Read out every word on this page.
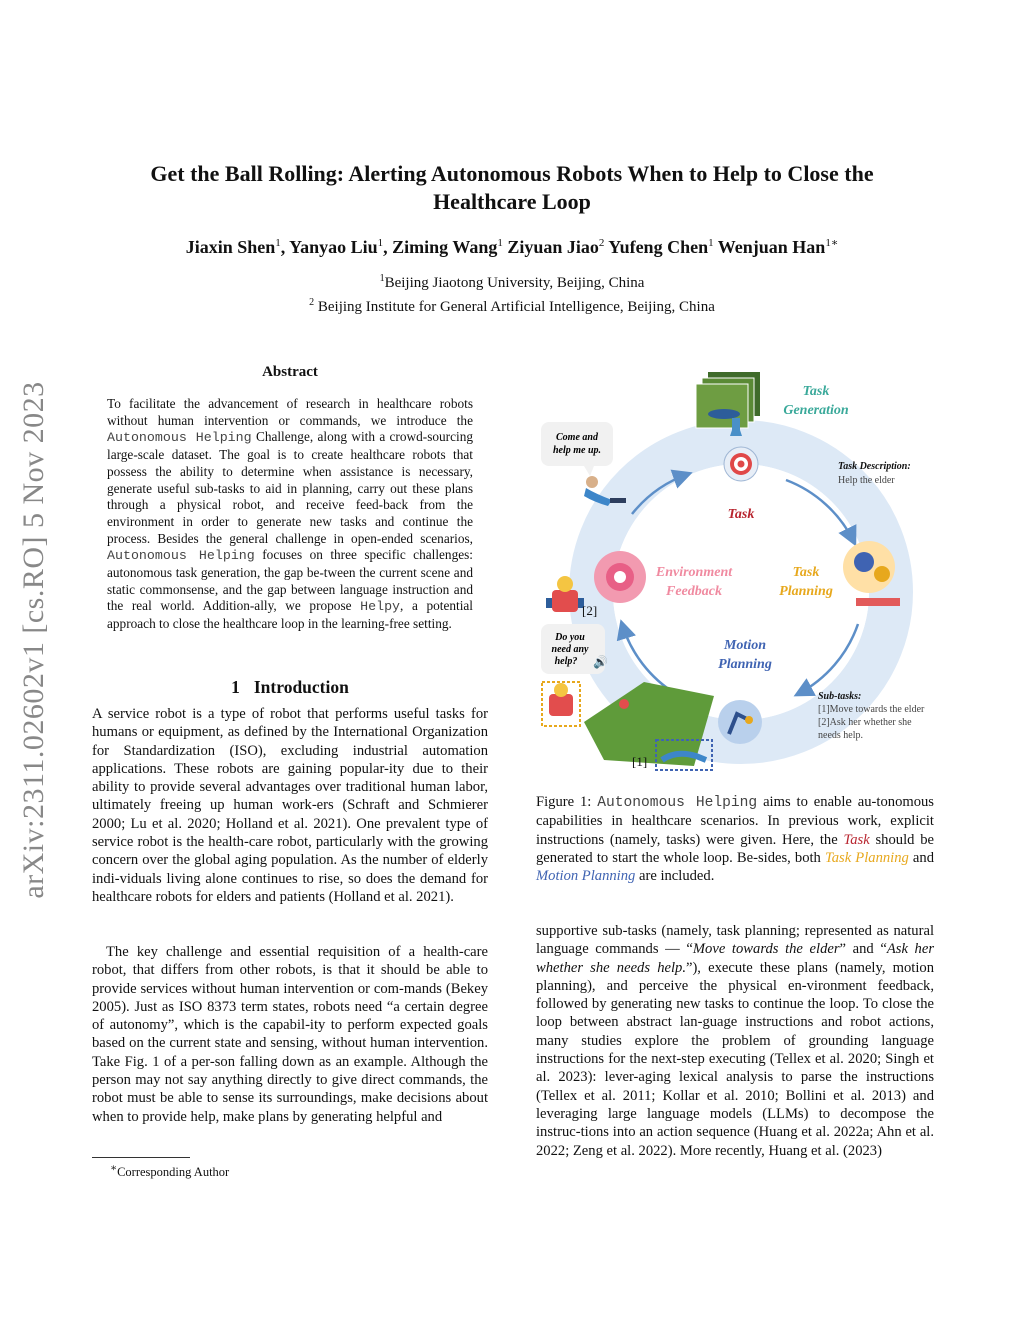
arXiv:2311.02602v1 [cs.RO] 5 Nov 2023
Get the Ball Rolling: Alerting Autonomous Robots When to Help to Close the Healthcare Loop
Jiaxin Shen$^1$, Yanyao Liu$^1$, Ziming Wang$^1$ Ziyuan Jiao$^2$ Yufeng Chen$^1$ Wenjuan Han$^{1∗}$
$^1$Beijing Jiaotong University, Beijing, China
$^2$ Beijing Institute for General Artificial Intelligence, Beijing, China
Abstract
To facilitate the advancement of research in healthcare robots without human intervention or commands, we introduce the Autonomous Helping Challenge, along with a crowd-sourcing large-scale dataset. The goal is to create healthcare robots that possess the ability to determine when assistance is necessary, generate useful sub-tasks to aid in planning, carry out these plans through a physical robot, and receive feed-back from the environment in order to generate new tasks and continue the process. Besides the general challenge in open-ended scenarios, Autonomous Helping focuses on three specific challenges: autonomous task generation, the gap be-tween the current scene and static commonsense, and the gap between language instruction and the real world. Addition-ally, we propose Helpy, a potential approach to close the healthcare loop in the learning-free setting.
1 Introduction
A service robot is a type of robot that performs useful tasks for humans or equipment, as defined by the International Organization for Standardization (ISO), excluding industrial automation applications. These robots are gaining popular-ity due to their ability to provide several advantages over traditional human labor, ultimately freeing up human work-ers (Schraft and Schmierer 2000; Lu et al. 2020; Holland et al. 2021). One prevalent type of service robot is the health-care robot, particularly with the growing concern over the global aging population. As the number of elderly indi-viduals living alone continues to rise, so does the demand for healthcare robots for elders and patients (Holland et al. 2021).
The key challenge and essential requisition of a health-care robot, that differs from other robots, is that it should be able to provide services without human intervention or com-mands (Bekey 2005). Just as ISO 8373 term states, robots need “a certain degree of autonomy”, which is the capabil-ity to perform expected goals based on the current state and sensing, without human intervention. Take Fig. 1 of a per-son falling down as an example. Although the person may not say anything directly to give direct commands, the robot must be able to sense its surroundings, make decisions about when to provide help, make plans by generating helpful and
∗Corresponding Author
Task
Generation
Task
Task Description:
Help the elder
Come and
help me up.
Task
Planning
Environment
Feedback
Motion
Planning
Sub-tasks:
[1]Move towards the elder
[2]Ask her whether she
needs help.
[2]
Do you
need any
help? 🔊
[1]
Figure 1: Autonomous Helping aims to enable au-tonomous capabilities in healthcare scenarios. In previous work, explicit instructions (namely, tasks) were given. Here, the Task should be generated to start the whole loop. Be-sides, both Task Planning and Motion Planning are included.
supportive sub-tasks (namely, task planning; represented as natural language commands — “Move towards the elder” and “Ask her whether she needs help.”), execute these plans (namely, motion planning), and perceive the physical en-vironment feedback, followed by generating new tasks to continue the loop. To close the loop between abstract lan-guage instructions and robot actions, many studies explore the problem of grounding language instructions for the next-step executing (Tellex et al. 2020; Singh et al. 2023): lever-aging lexical analysis to parse the instructions (Tellex et al. 2011; Kollar et al. 2010; Bollini et al. 2013) and leveraging large language models (LLMs) to decompose the instruc-tions into an action sequence (Huang et al. 2022a; Ahn et al. 2022; Zeng et al. 2022). More recently, Huang et al. (2023)
